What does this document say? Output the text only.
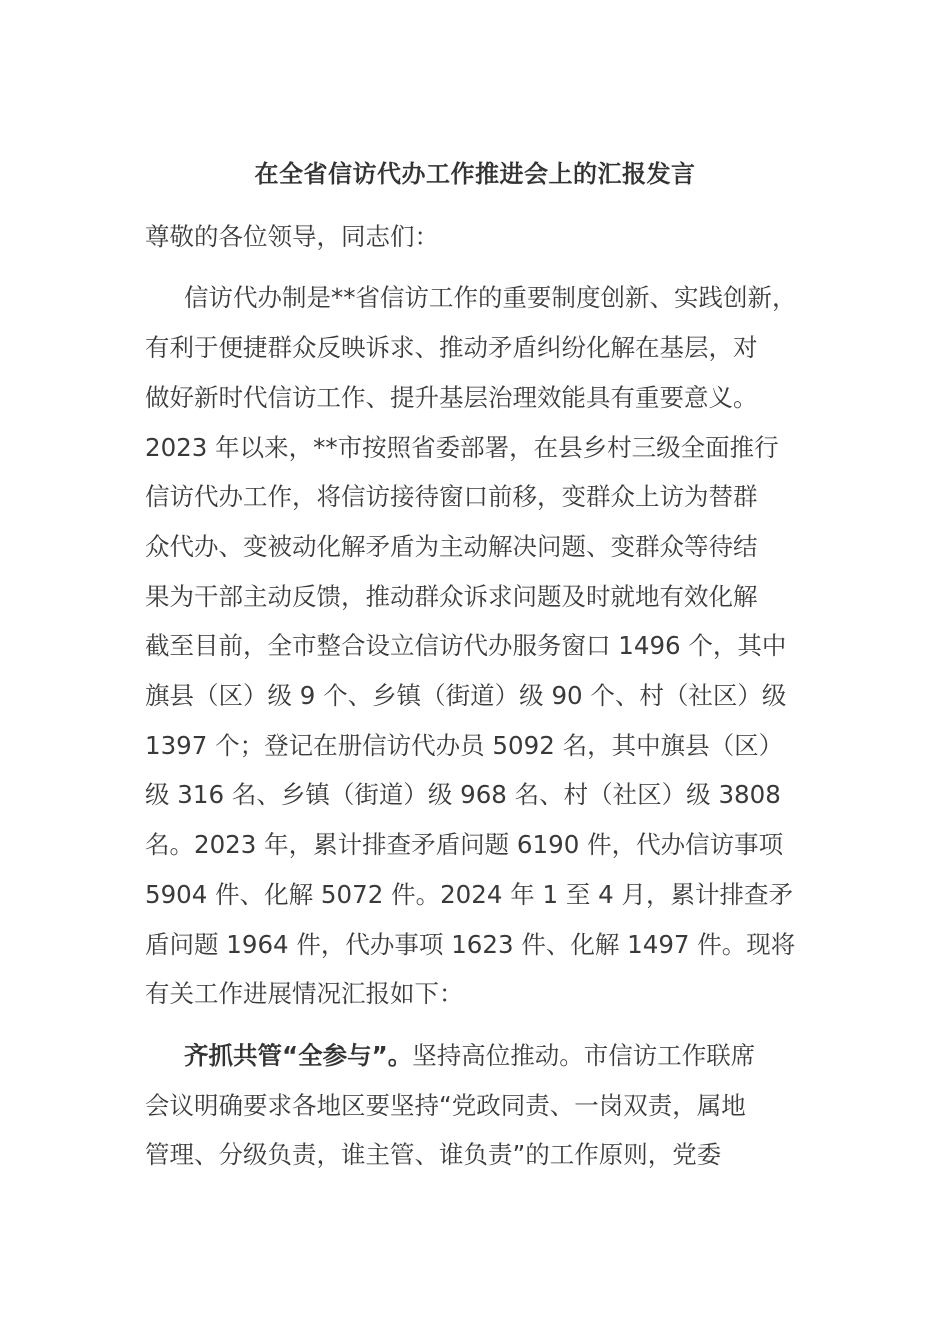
在全省信访代办工作推进会上的汇报发言
尊敬的各位领导，同志们：
信访代办制是**省信访工作的重要制度创新、实践创新，
有利于便捷群众反映诉求、推动矛盾纠纷化解在基层，对
做好新时代信访工作、提升基层治理效能具有重要意义。
2023 年以来，**市按照省委部署，在县乡村三级全面推行
信访代办工作，将信访接待窗口前移，变群众上访为替群
众代办、变被动化解矛盾为主动解决问题、变群众等待结
果为干部主动反馈，推动群众诉求问题及时就地有效化解
截至目前，全市整合设立信访代办服务窗口 1496 个，其中
旗县（区）级 9 个、乡镇（街道）级 90 个、村（社区）级
1397 个；登记在册信访代办员 5092 名，其中旗县（区）
级 316 名、乡镇（街道）级 968 名、村（社区）级 3808
名。2023 年，累计排查矛盾问题 6190 件，代办信访事项
5904 件、化解 5072 件。2024 年 1 至 4 月，累计排查矛
盾问题 1964 件，代办事项 1623 件、化解 1497 件。现将
有关工作进展情况汇报如下：
齐抓共管“全参与”。坚持高位推动。市信访工作联席
会议明确要求各地区要坚持“党政同责、一岗双责，属地
管理、分级负责，谁主管、谁负责”的工作原则，党委
